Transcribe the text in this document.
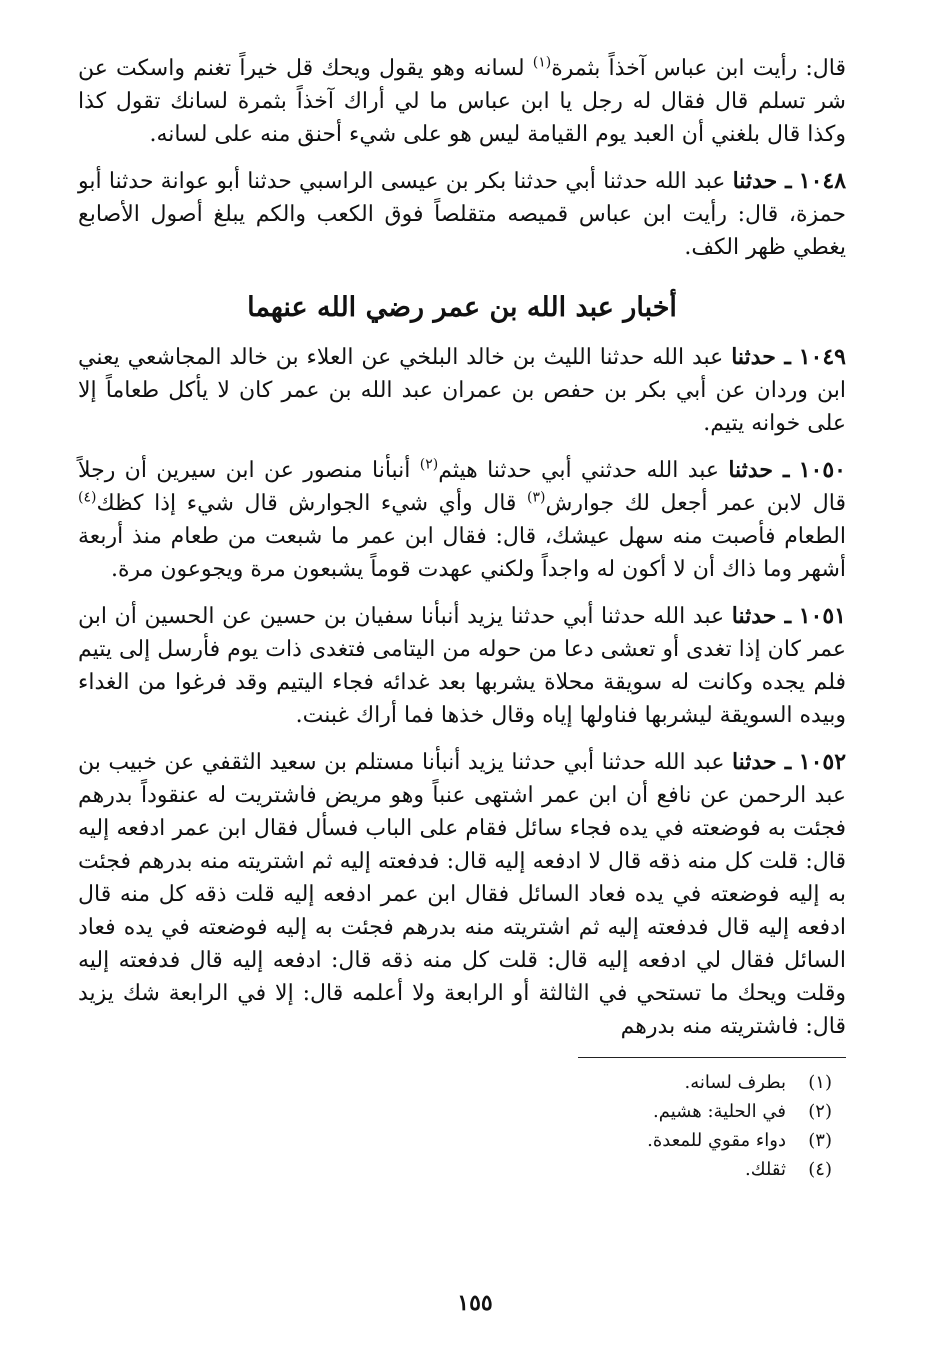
قال: رأيت ابن عباس آخذاً بثمرة$^{(١)}$ لسانه وهو يقول ويحك قل خيراً تغنم واسكت عن شر تسلم قال فقال له رجل يا ابن عباس ما لي أراك آخذاً بثمرة لسانك تقول كذا وكذا قال بلغني أن العبد يوم القيامة ليس هو على شيء أحنق منه على لسانه.

١٠٤٨ ـ حدثنا عبد الله حدثنا أبي حدثنا بكر بن عيسى الراسبي حدثنا أبو عوانة حدثنا أبو حمزة، قال: رأيت ابن عباس قميصه متقلصاً فوق الكعب والكم يبلغ أصول الأصابع يغطي ظهر الكف.

أخبار عبد الله بن عمر رضي الله عنهما

١٠٤٩ ـ حدثنا عبد الله حدثنا الليث بن خالد البلخي عن العلاء بن خالد المجاشعي يعني ابن وردان عن أبي بكر بن حفص بن عمران عبد الله بن عمر كان لا يأكل طعاماً إلا على خوانه يتيم.

١٠٥٠ ـ حدثنا عبد الله حدثني أبي حدثنا هيثم$^{(٢)}$ أنبأنا منصور عن ابن سيرين أن رجلاً قال لابن عمر أجعل لك جوارش$^{(٣)}$ قال وأي شيء الجوارش قال شيء إذا كظك$^{(٤)}$ الطعام فأصبت منه سهل عيشك، قال: فقال ابن عمر ما شبعت من طعام منذ أربعة أشهر وما ذاك أن لا أكون له واجداً ولكني عهدت قوماً يشبعون مرة ويجوعون مرة.

١٠٥١ ـ حدثنا عبد الله حدثنا أبي حدثنا يزيد أنبأنا سفيان بن حسين عن الحسين أن ابن عمر كان إذا تغدى أو تعشى دعا من حوله من اليتامى فتغدى ذات يوم فأرسل إلى يتيم فلم يجده وكانت له سويقة محلاة يشربها بعد غدائه فجاء اليتيم وقد فرغوا من الغداء وبيده السويقة ليشربها فناولها إياه وقال خذها فما أراك غبنت.

١٠٥٢ ـ حدثنا عبد الله حدثنا أبي حدثنا يزيد أنبأنا مستلم بن سعيد الثقفي عن خبيب بن عبد الرحمن عن نافع أن ابن عمر اشتهى عنباً وهو مريض فاشتريت له عنقوداً بدرهم فجئت به فوضعته في يده فجاء سائل فقام على الباب فسأل فقال ابن عمر ادفعه إليه قال: قلت كل منه ذقه قال لا ادفعه إليه قال: فدفعته إليه ثم اشتريته منه بدرهم فجئت به إليه فوضعته في يده فعاد السائل فقال ابن عمر ادفعه إليه قلت ذقه كل منه قال ادفعه إليه قال فدفعته إليه ثم اشتريته منه بدرهم فجئت به إليه فوضعته في يده فعاد السائل فقال لي ادفعه إليه قال: قلت كل منه ذقه قال: ادفعه إليه قال فدفعته إليه وقلت ويحك ما تستحي في الثالثة أو الرابعة ولا أعلمه قال: إلا في الرابعة شك يزيد قال: فاشتريته منه بدرهم

(١)بطرف لسانه.
(٢)في الحلية: هشيم.
(٣)دواء مقوي للمعدة.
(٤)ثقلك.
١٥٥
